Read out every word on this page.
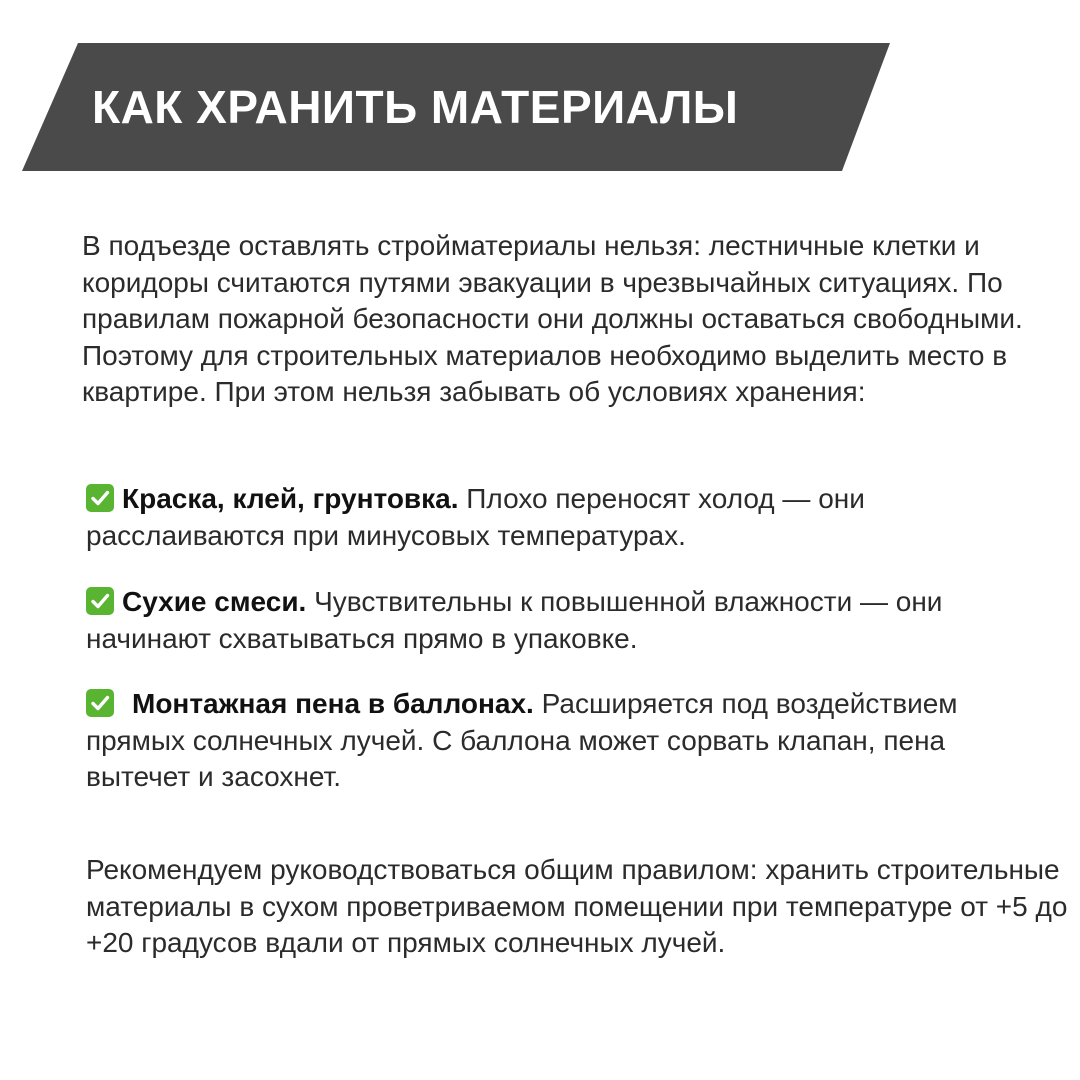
КАК ХРАНИТЬ МАТЕРИАЛЫ

В подъезде оставлять стройматериалы нельзя: лестничные клетки и коридоры считаются путями эвакуации в чрезвычайных ситуациях. По правилам пожарной безопасности они должны оставаться свободными. Поэтому для строительных материалов необходимо выделить место в квартире. При этом нельзя забывать об условиях хранения:

Краска, клей, грунтовка. Плохо переносят холод — они расслаиваются при минусовых температурах.

Сухие смеси. Чувствительны к повышенной влажности — они начинают схватываться прямо в упаковке.

Монтажная пена в баллонах. Расширяется под воздействием прямых солнечных лучей. С баллона может сорвать клапан, пена вытечет и засохнет.

Рекомендуем руководствоваться общим правилом: хранить строительные материалы в сухом проветриваемом помещении при температуре от +5 до +20 градусов вдали от прямых солнечных лучей.
